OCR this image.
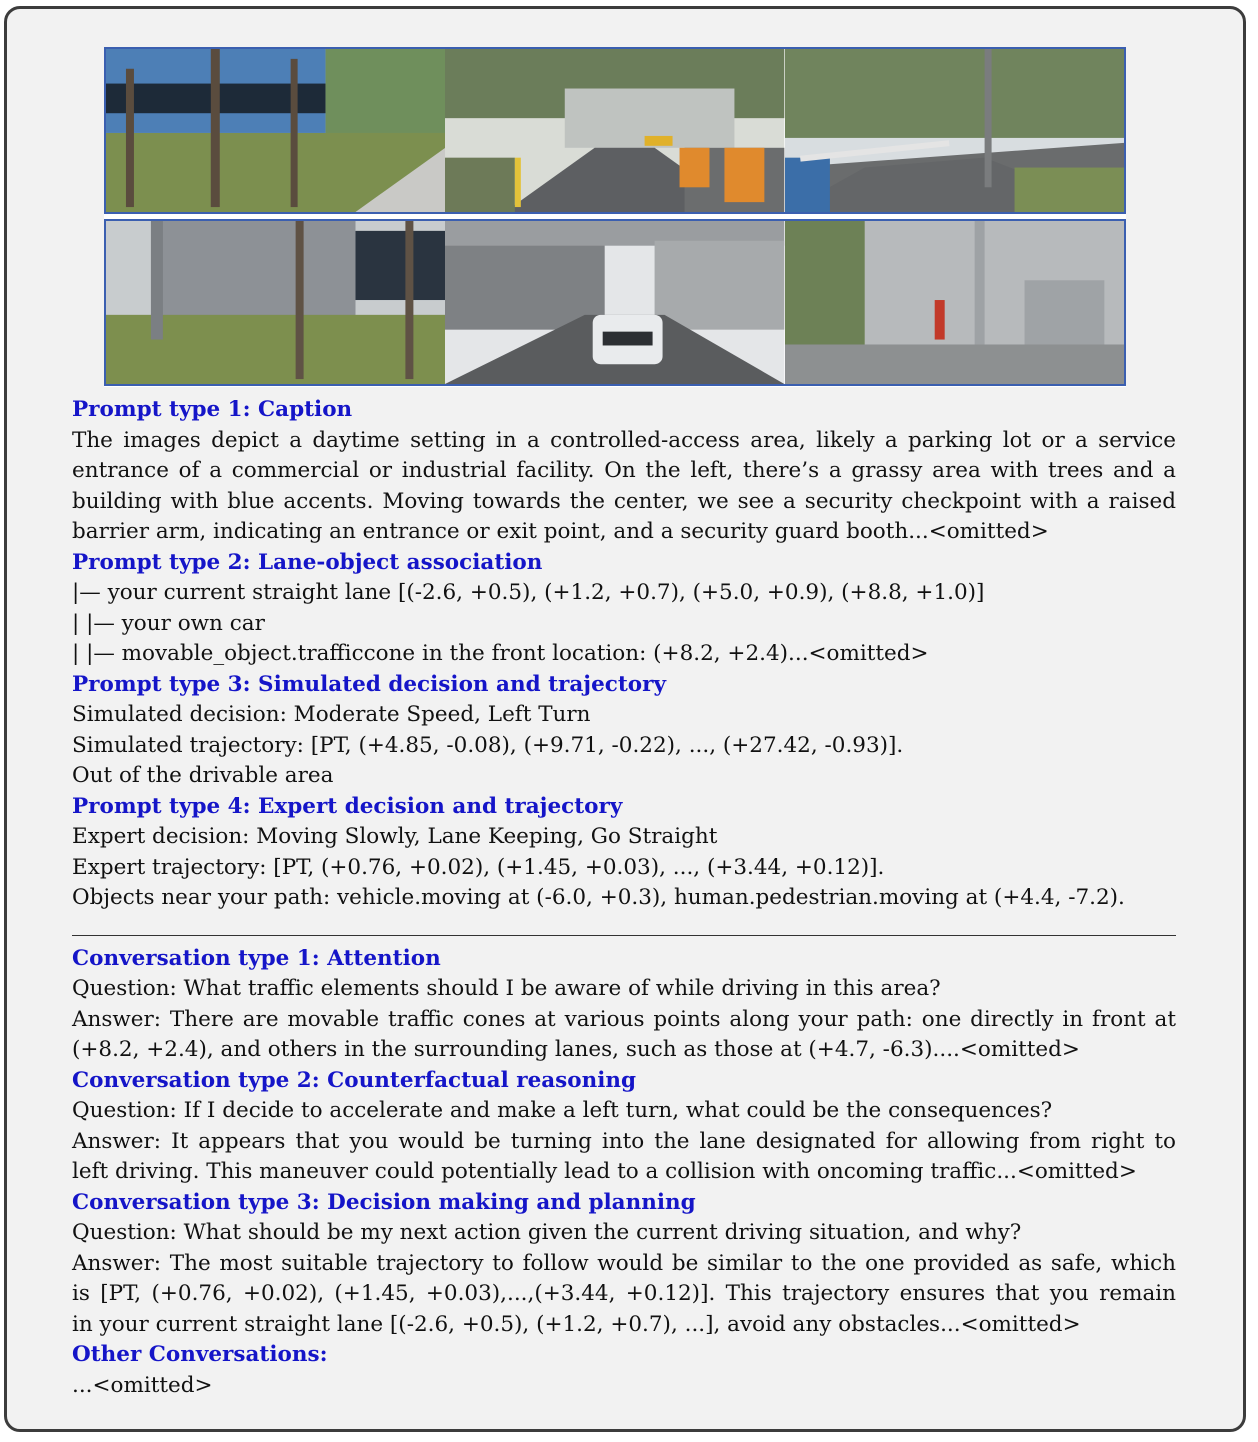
Prompt type 1: Caption

The images depict a daytime setting in a controlled-access area, likely a parking lot or a service

entrance of a commercial or industrial facility. On the left, there’s a grassy area with trees and a

building with blue accents. Moving towards the center, we see a security checkpoint with a raised

barrier arm, indicating an entrance or exit point, and a security guard booth...<omitted>

Prompt type 2: Lane-object association

|— your current straight lane [(-2.6, +0.5), (+1.2, +0.7), (+5.0, +0.9), (+8.8, +1.0)]

| |— your own car

| |— movable_object.trafficcone in the front location: (+8.2, +2.4)...<omitted>

Prompt type 3: Simulated decision and trajectory

Simulated decision: Moderate Speed, Left Turn

Simulated trajectory: [PT, (+4.85, -0.08), (+9.71, -0.22), ..., (+27.42, -0.93)].

Out of the drivable area

Prompt type 4: Expert decision and trajectory

Expert decision: Moving Slowly, Lane Keeping, Go Straight

Expert trajectory: [PT, (+0.76, +0.02), (+1.45, +0.03), ..., (+3.44, +0.12)].

Objects near your path: vehicle.moving at (-6.0, +0.3), human.pedestrian.moving at (+4.4, -7.2).

Conversation type 1: Attention

Question: What traffic elements should I be aware of while driving in this area?

Answer: There are movable traffic cones at various points along your path: one directly in front at

(+8.2, +2.4), and others in the surrounding lanes, such as those at (+4.7, -6.3)....<omitted>

Conversation type 2: Counterfactual reasoning

Question: If I decide to accelerate and make a left turn, what could be the consequences?

Answer: It appears that you would be turning into the lane designated for allowing from right to

left driving. This maneuver could potentially lead to a collision with oncoming traffic...<omitted>

Conversation type 3: Decision making and planning

Question: What should be my next action given the current driving situation, and why?

Answer: The most suitable trajectory to follow would be similar to the one provided as safe, which

is [PT, (+0.76, +0.02), (+1.45, +0.03),...,(+3.44, +0.12)]. This trajectory ensures that you remain

in your current straight lane [(-2.6, +0.5), (+1.2, +0.7), ...], avoid any obstacles...<omitted>

Other Conversations:

...<omitted>
